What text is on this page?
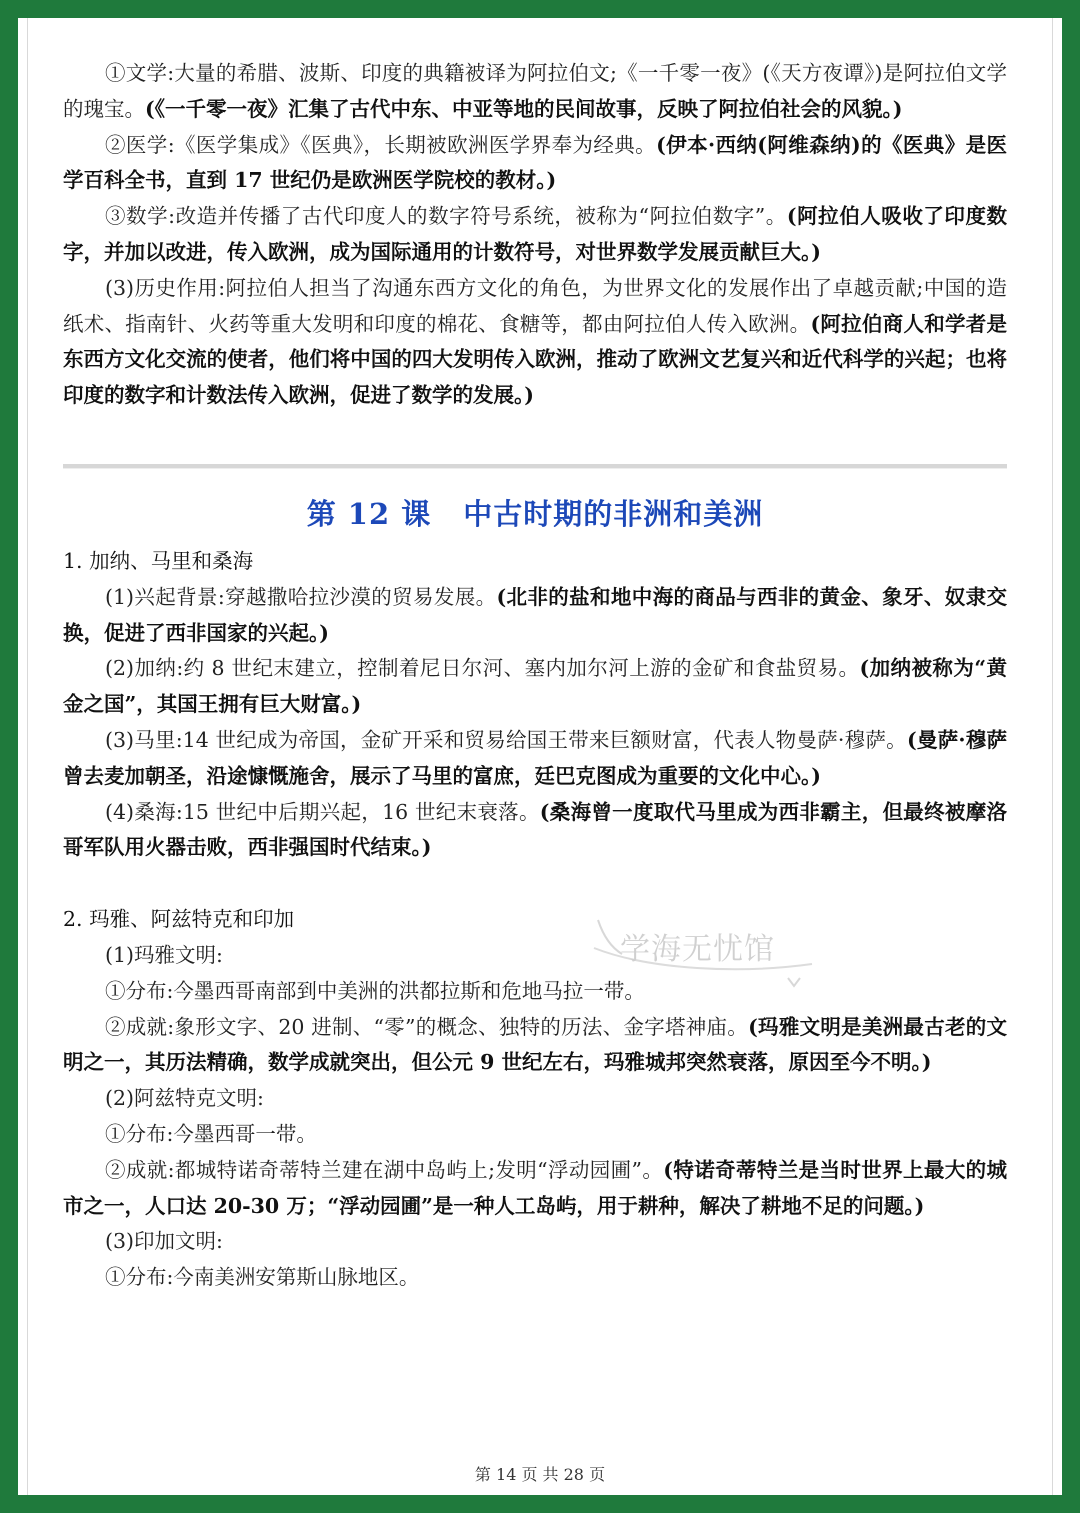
①文学:大量的希腊、波斯、印度的典籍被译为阿拉伯文;《一千零一夜》(《天方夜谭》)是阿拉伯文学的瑰宝。(《一千零一夜》汇集了古代中东、中亚等地的民间故事，反映了阿拉伯社会的风貌。)

②医学:《医学集成》《医典》，长期被欧洲医学界奉为经典。(伊本·西纳(阿维森纳)的《医典》是医学百科全书，直到 17 世纪仍是欧洲医学院校的教材。)

③数学:改造并传播了古代印度人的数字符号系统，被称为“阿拉伯数字”。(阿拉伯人吸收了印度数字，并加以改进，传入欧洲，成为国际通用的计数符号，对世界数学发展贡献巨大。)

(3)历史作用:阿拉伯人担当了沟通东西方文化的角色，为世界文化的发展作出了卓越贡献;中国的造纸术、指南针、火药等重大发明和印度的棉花、食糖等，都由阿拉伯人传入欧洲。(阿拉伯商人和学者是东西方文化交流的使者，他们将中国的四大发明传入欧洲，推动了欧洲文艺复兴和近代科学的兴起；也将印度的数字和计数法传入欧洲，促进了数学的发展。)

第 12 课 中古时期的非洲和美洲

1. 加纳、马里和桑海

(1)兴起背景:穿越撒哈拉沙漠的贸易发展。(北非的盐和地中海的商品与西非的黄金、象牙、奴隶交换，促进了西非国家的兴起。)

(2)加纳:约 8 世纪末建立，控制着尼日尔河、塞内加尔河上游的金矿和食盐贸易。(加纳被称为“黄金之国”，其国王拥有巨大财富。)

(3)马里:14 世纪成为帝国，金矿开采和贸易给国王带来巨额财富，代表人物曼萨·穆萨。(曼萨·穆萨曾去麦加朝圣，沿途慷慨施舍，展示了马里的富庶，廷巴克图成为重要的文化中心。)

(4)桑海:15 世纪中后期兴起，16 世纪末衰落。(桑海曾一度取代马里成为西非霸主，但最终被摩洛哥军队用火器击败，西非强国时代结束。)

2. 玛雅、阿兹特克和印加

(1)玛雅文明:

①分布:今墨西哥南部到中美洲的洪都拉斯和危地马拉一带。

②成就:象形文字、20 进制、“零”的概念、独特的历法、金字塔神庙。(玛雅文明是美洲最古老的文明之一，其历法精确，数学成就突出，但公元 9 世纪左右，玛雅城邦突然衰落，原因至今不明。)

(2)阿兹特克文明:

①分布:今墨西哥一带。

②成就:都城特诺奇蒂特兰建在湖中岛屿上;发明“浮动园圃”。(特诺奇蒂特兰是当时世界上最大的城市之一，人口达 20-30 万；“浮动园圃”是一种人工岛屿，用于耕种，解决了耕地不足的问题。)

(3)印加文明:

①分布:今南美洲安第斯山脉地区。

学海无忧馆
第 14 页 共 28 页
